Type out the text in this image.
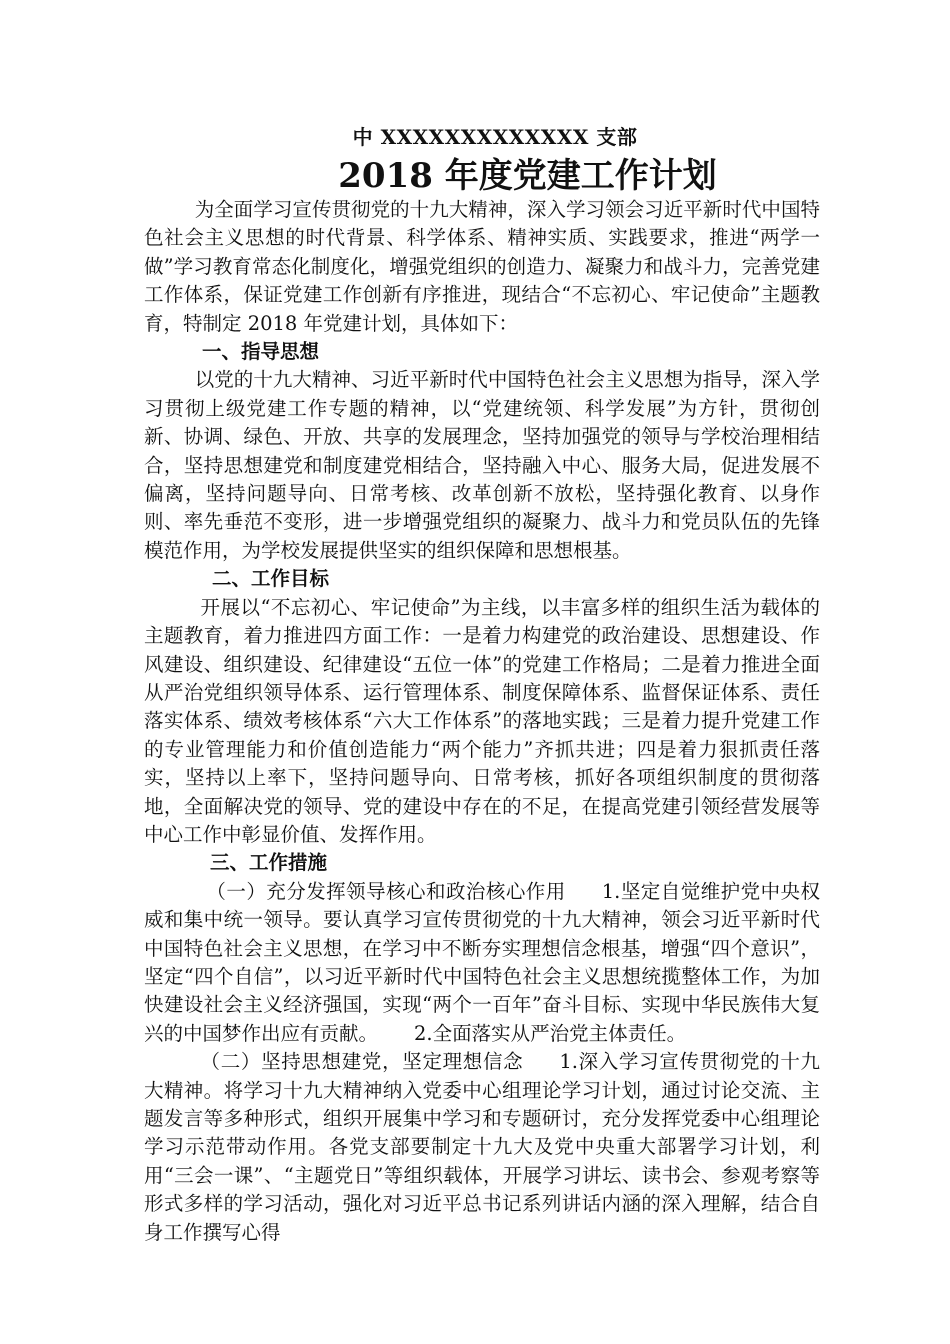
中 XXXXXXXXXXXXX 支部
2018 年度党建工作计划

为全面学习宣传贯彻党的十九大精神，深入学习领会习近平新时代中国特色社会主义思想的时代背景、科学体系、精神实质、实践要求，推进“两学一做”学习教育常态化制度化，增强党组织的创造力、凝聚力和战斗力，完善党建工作体系，保证党建工作创新有序推进，现结合“不忘初心、牢记使命”主题教育，特制定 2018 年党建计划，具体如下：

一、指导思想

以党的十九大精神、习近平新时代中国特色社会主义思想为指导，深入学习贯彻上级党建工作专题的精神，以“党建统领、科学发展”为方针，贯彻创新、协调、绿色、开放、共享的发展理念，坚持加强党的领导与学校治理相结合，坚持思想建党和制度建党相结合，坚持融入中心、服务大局，促进发展不偏离，坚持问题导向、日常考核、改革创新不放松，坚持强化教育、以身作则、率先垂范不变形，进一步增强党组织的凝聚力、战斗力和党员队伍的先锋模范作用，为学校发展提供坚实的组织保障和思想根基。

二、工作目标

开展以“不忘初心、牢记使命”为主线，以丰富多样的组织生活为载体的主题教育，着力推进四方面工作：一是着力构建党的政治建设、思想建设、作风建设、组织建设、纪律建设“五位一体”的党建工作格局；二是着力推进全面从严治党组织领导体系、运行管理体系、制度保障体系、监督保证体系、责任落实体系、绩效考核体系“六大工作体系”的落地实践；三是着力提升党建工作的专业管理能力和价值创造能力“两个能力”齐抓共进；四是着力狠抓责任落实，坚持以上率下，坚持问题导向、日常考核，抓好各项组织制度的贯彻落地，全面解决党的领导、党的建设中存在的不足，在提高党建引领经营发展等中心工作中彰显价值、发挥作用。

三、工作措施

（一）充分发挥领导核心和政治核心作用 1.坚定自觉维护党中央权威和集中统一领导。要认真学习宣传贯彻党的十九大精神，领会习近平新时代中国特色社会主义思想，在学习中不断夯实理想信念根基，增强“四个意识”，坚定“四个自信”，以习近平新时代中国特色社会主义思想统揽整体工作，为加快建设社会主义经济强国，实现“两个一百年”奋斗目标、实现中华民族伟大复兴的中国梦作出应有贡献。 2.全面落实从严治党主体责任。

（二）坚持思想建党，坚定理想信念 1.深入学习宣传贯彻党的十九大精神。将学习十九大精神纳入党委中心组理论学习计划，通过讨论交流、主题发言等多种形式，组织开展集中学习和专题研讨，充分发挥党委中心组理论学习示范带动作用。各党支部要制定十九大及党中央重大部署学习计划，利用“三会一课”、“主题党日”等组织载体，开展学习讲坛、读书会、参观考察等形式多样的学习活动，强化对习近平总书记系列讲话内涵的深入理解，结合自身工作撰写心得
